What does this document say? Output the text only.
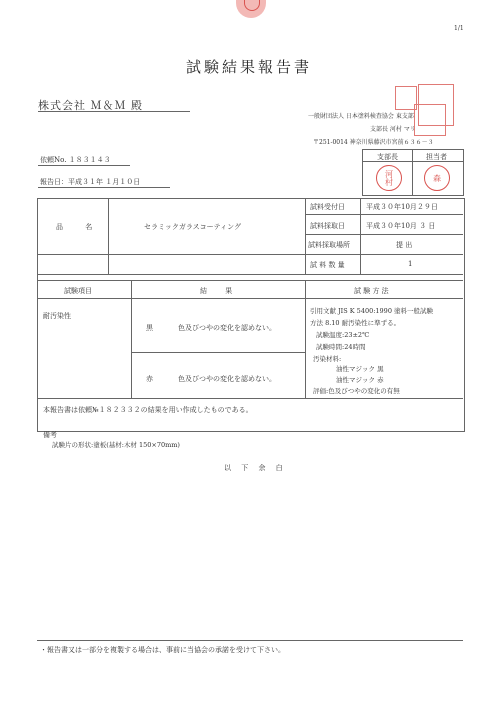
1/1
試験結果報告書
株式会社 Ｍ＆Ｍ 殿
一般財団法人 日本塗料検査協会 東支部
支部長 河村 マリ
〒251-0014 神奈川県藤沢市宮前６３６－３
依頼No. １８３１４３
報告日：平成３１年 １月１０日
支部長	担当者
河村	森
品 名	セラミックガラスコーティング
試料受付日	平成３０年10月２９日
試料採取日	平成３０年10月 ３ 日
試料採取場所	提 出
試 料 数 量	1
試験項目	結 果	試 験 方 法
耐汚染性
黒	色及びつやの変化を認めない。
赤	色及びつやの変化を認めない。
引用文献 JIS K 5400:1990 塗料一般試験
方法 8.10 耐汚染性に準ずる。
試験温度:23±2℃
試験時間:24時間
汚染材料:
油性マジック 黒
油性マジック 赤
評価:色及びつやの変化の有無
本報告書は依頼№１８２３３２の結果を用い作成したものである。
備考
試験片の形状:塗板(基材:木材 150×70mm)
以 下 余 白
・報告書又は一部分を複製する場合は、事前に当協会の承諾を受けて下さい。
